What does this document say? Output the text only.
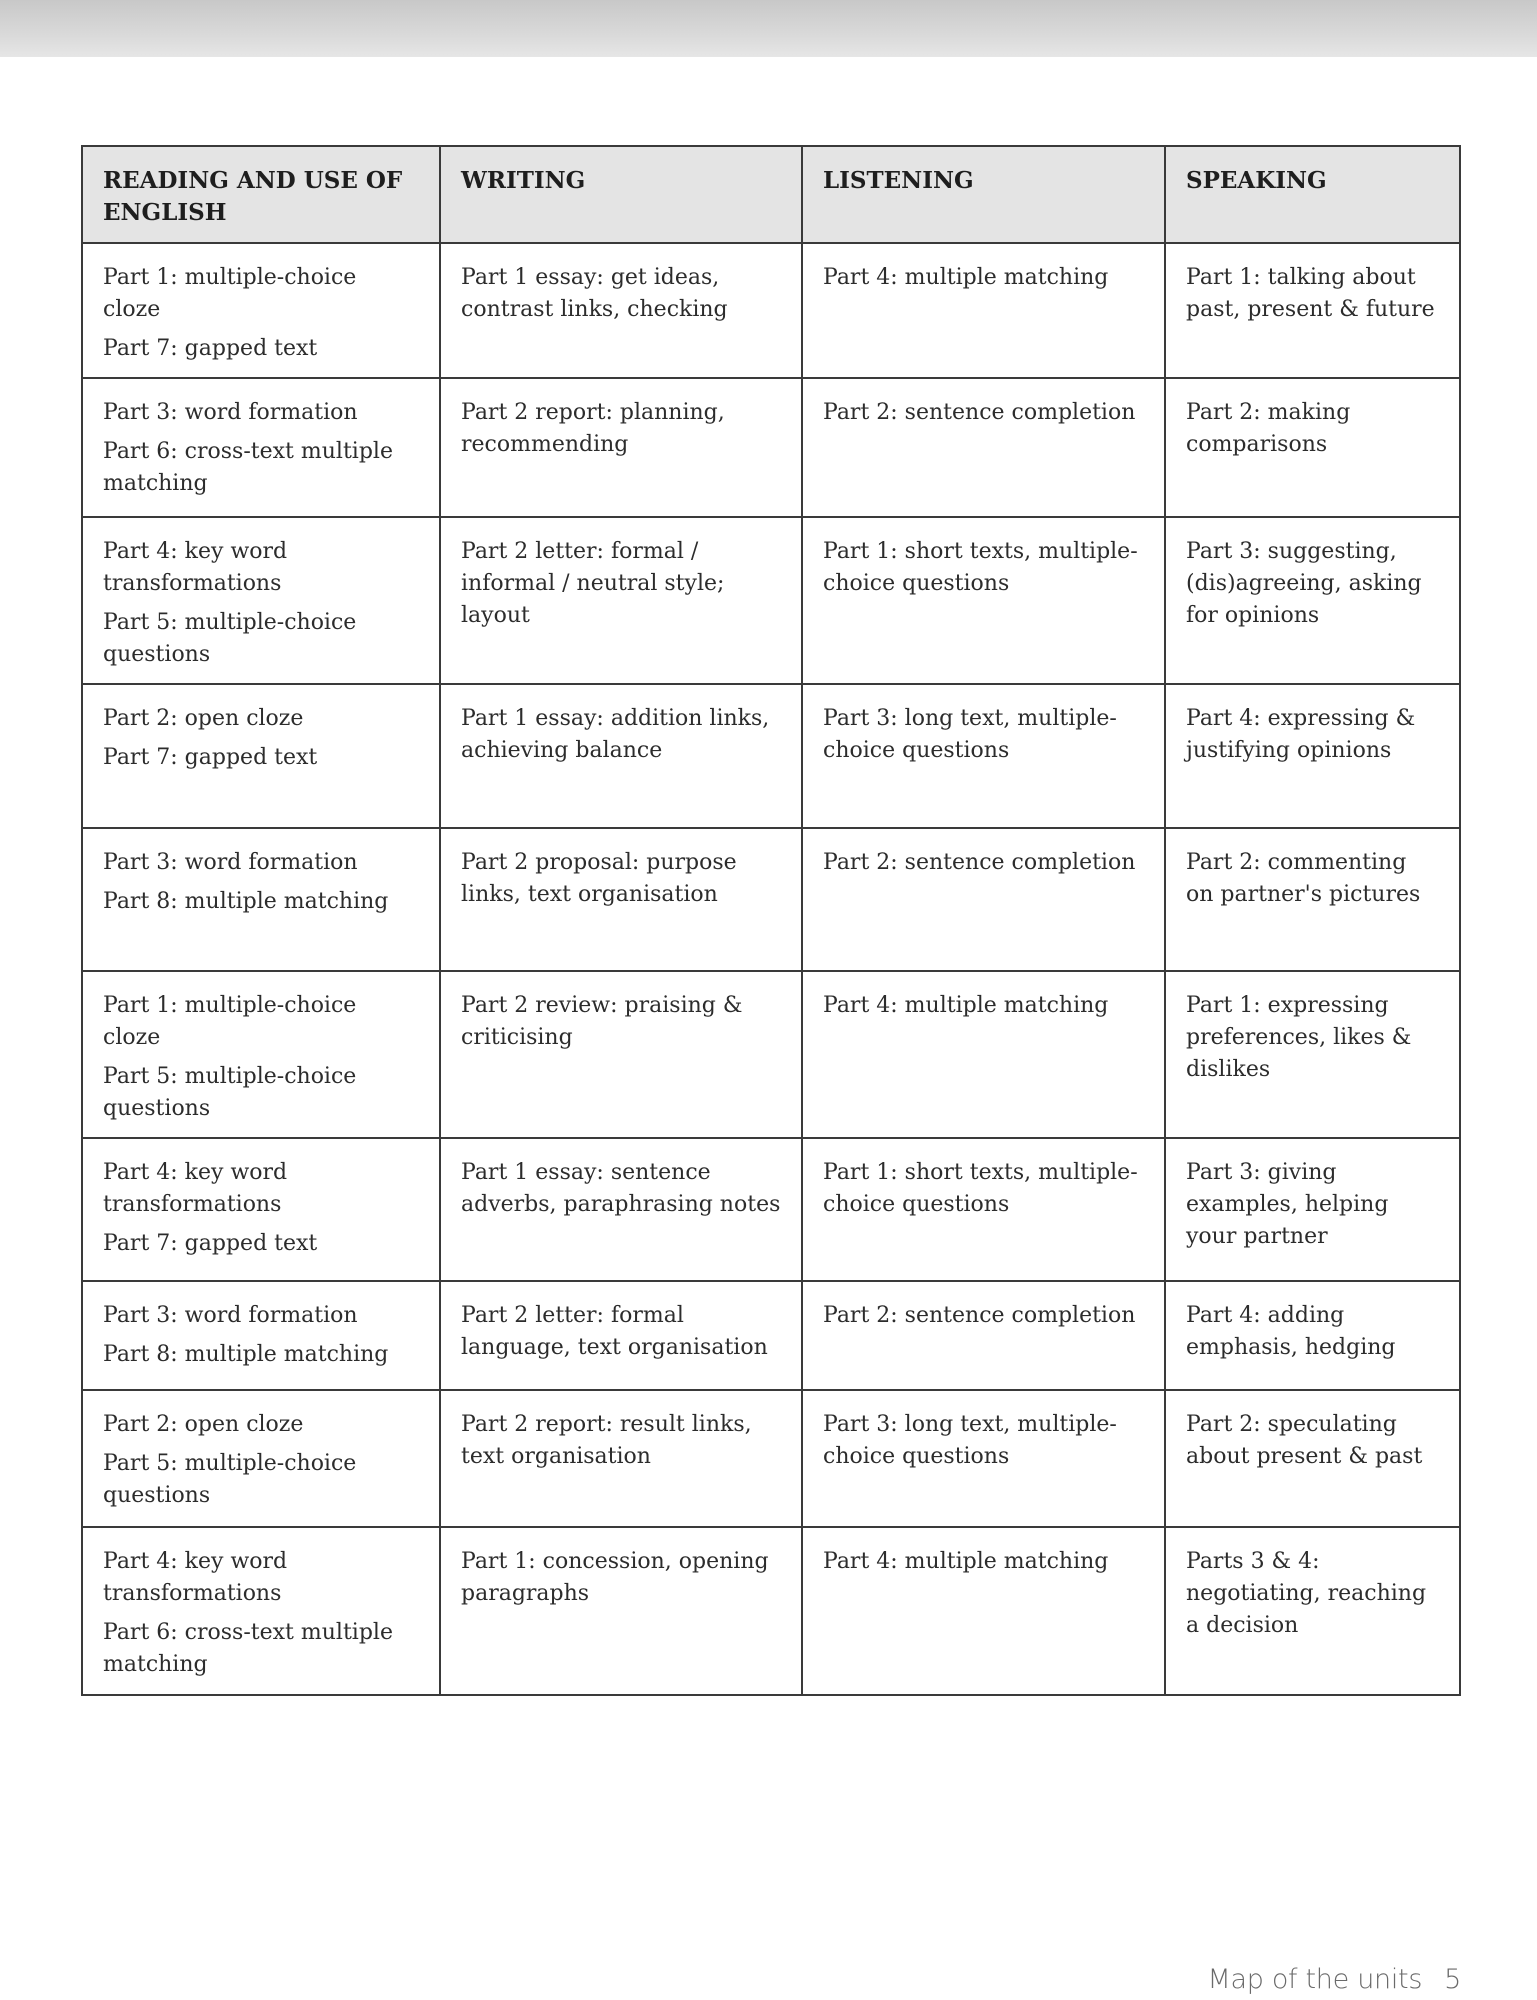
READING AND USE OF ENGLISH	WRITING	LISTENING	SPEAKING

Part 1: multiple-choice cloze
Part 7: gapped text	Part 1 essay: get ideas, contrast links, checking	Part 4: multiple matching	Part 1: talking about past, present & future

Part 3: word formation
Part 6: cross-text multiple matching	Part 2 report: planning, recommending	Part 2: sentence completion	Part 2: making comparisons

Part 4: key word transformations
Part 5: multiple-choice questions	Part 2 letter: formal / informal / neutral style; layout	Part 1: short texts, multiple-choice questions	Part 3: suggesting, (dis)agreeing, asking for opinions

Part 2: open cloze
Part 7: gapped text	Part 1 essay: addition links, achieving balance	Part 3: long text, multiple-choice questions	Part 4: expressing & justifying opinions

Part 3: word formation
Part 8: multiple matching	Part 2 proposal: purpose links, text organisation	Part 2: sentence completion	Part 2: commenting on partner's pictures

Part 1: multiple-choice cloze
Part 5: multiple-choice questions	Part 2 review: praising & criticising	Part 4: multiple matching	Part 1: expressing preferences, likes & dislikes

Part 4: key word transformations
Part 7: gapped text	Part 1 essay: sentence adverbs, paraphrasing notes	Part 1: short texts, multiple-choice questions	Part 3: giving examples, helping your partner

Part 3: word formation
Part 8: multiple matching	Part 2 letter: formal language, text organisation	Part 2: sentence completion	Part 4: adding emphasis, hedging

Part 2: open cloze
Part 5: multiple-choice questions	Part 2 report: result links, text organisation	Part 3: long text, multiple-choice questions	Part 2: speculating about present & past

Part 4: key word transformations
Part 6: cross-text multiple matching	Part 1: concession, opening paragraphs	Part 4: multiple matching	Parts 3 & 4: negotiating, reaching a decision
Map of the units 5
